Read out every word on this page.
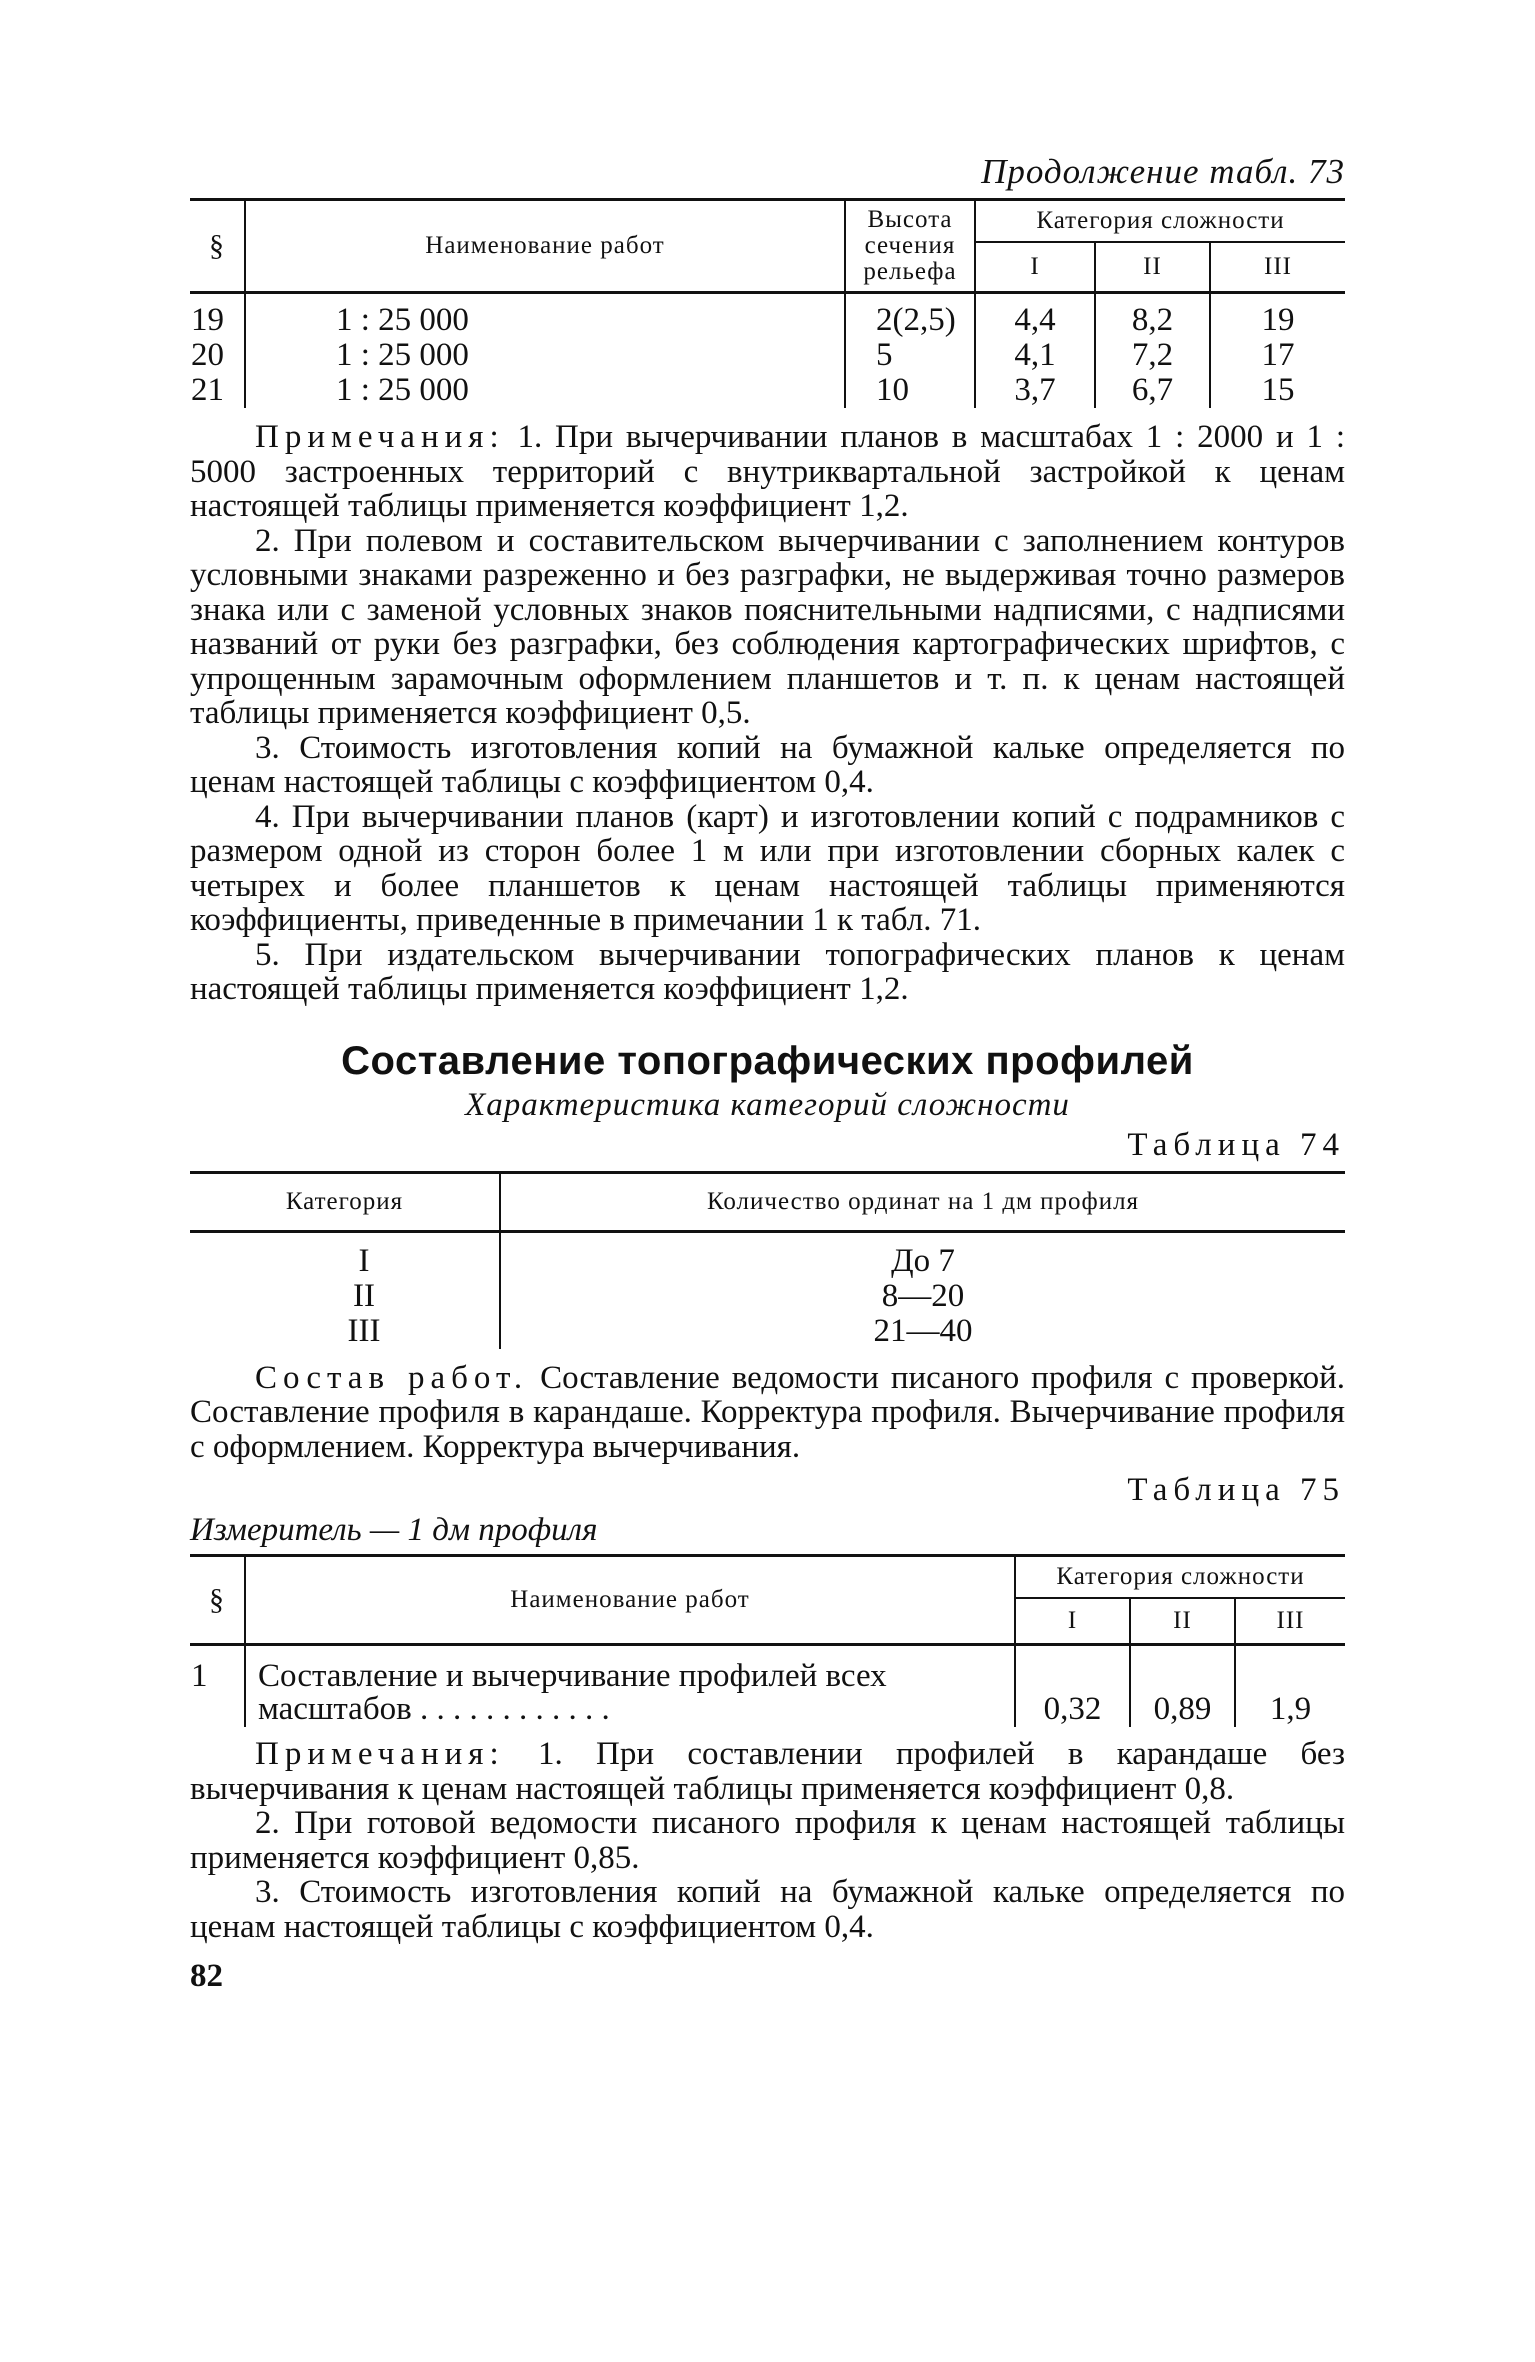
Продолжение табл. 73
§	Наименование работ	Высота
сечения
рельефа	Категория сложности		
			I	II	III
19	1 : 25 000	2(2,5)	4,4	8,2	19
20	1 : 25 000	5	4,1	7,2	17
21	1 : 25 000	10	3,7	6,7	15

Примечания: 1. При вычерчивании планов в масштабах 1 : 2000 и 1 : 5000 застроенных территорий с внутриквартальной застройкой к ценам настоящей таблицы применяется коэффициент 1,2.

2. При полевом и составительском вычерчивании с заполнением контуров условными знаками разреженно и без разграфки, не выдерживая точно размеров знака или с заменой условных знаков пояснительными надписями, с надписями названий от руки без разграфки, без соблюдения картографических шрифтов, с упрощенным зарамочным оформлением планшетов и т. п. к ценам настоящей таблицы применяется коэффициент 0,5.

3. Стоимость изготовления копий на бумажной кальке определяется по ценам настоящей таблицы с коэффициентом 0,4.

4. При вычерчивании планов (карт) и изготовлении копий с подрамников с размером одной из сторон более 1 м или при изготовлении сборных калек с четырех и более планшетов к ценам настоящей таблицы применяются коэффициенты, приведенные в примечании 1 к табл. 71.

5. При издательском вычерчивании топографических планов к ценам настоящей таблицы применяется коэффициент 1,2.

Составление топографических профилей
Характеристика категорий сложности
Таблица 74
Категория	Количество ординат на 1 дм профиля
I	До 7
II	8—20
III	21—40

Состав работ. Составление ведомости писаного профиля с проверкой. Составление профиля в карандаше. Корректура профиля. Вычерчивание профиля с оформлением. Корректура вычерчивания.

Таблица 75
Измеритель — 1 дм профиля
§	Наименование работ	Категория сложности		
		I	II	III
1	Составление и вычерчивание профилей всех
масштабов . . . . . . . . . . . .	0,32	0,89	1,9

Примечания: 1. При составлении профилей в карандаше без вычерчивания к ценам настоящей таблицы применяется коэффициент 0,8.

2. При готовой ведомости писаного профиля к ценам настоящей таблицы применяется коэффициент 0,85.

3. Стоимость изготовления копий на бумажной кальке определяется по ценам настоящей таблицы с коэффициентом 0,4.

82
